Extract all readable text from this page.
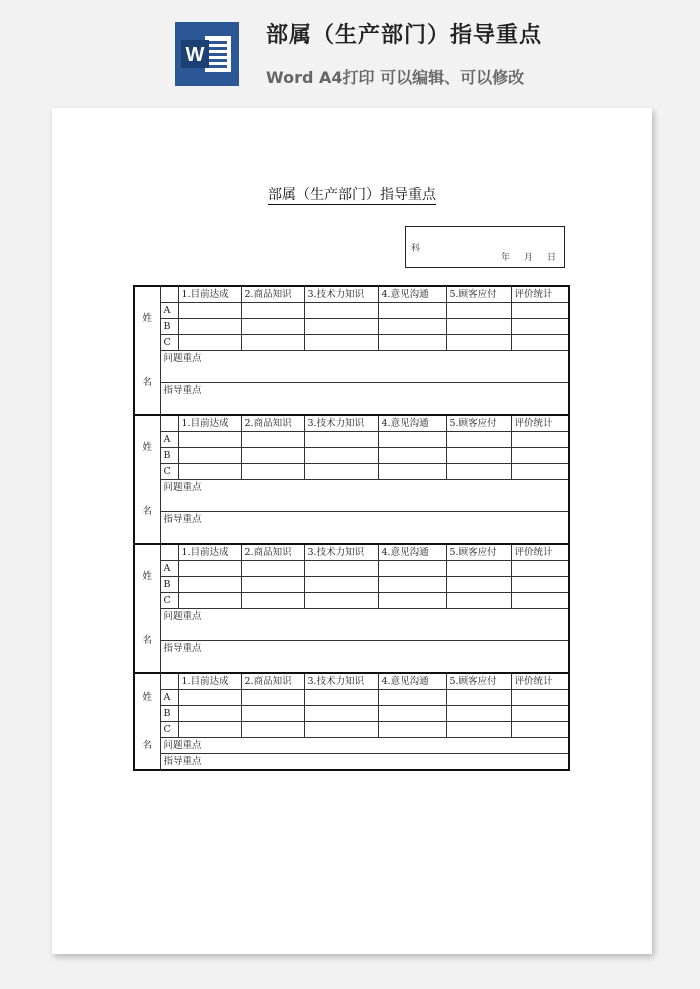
W
部属（生产部门）指导重点
Word A4打印 可以编辑、可以修改
部属（生产部门）指导重点
科
年 月 日
姓
名		1.目前达成	2.商品知识	3.技术力知识	4.意见沟通	5.顾客应付	评价统计
	A						
	B						
	C						
	问题重点						
	指导重点						

姓
名		1.目前达成	2.商品知识	3.技术力知识	4.意见沟通	5.顾客应付	评价统计
	A						
	B						
	C						
	问题重点						
	指导重点						

姓
名		1.目前达成	2.商品知识	3.技术力知识	4.意见沟通	5.顾客应付	评价统计
	A						
	B						
	C						
	问题重点						
	指导重点						

姓
名		1.目前达成	2.商品知识	3.技术力知识	4.意见沟通	5.顾客应付	评价统计
	A						
	B						
	C						
	问题重点						
	指导重点						
